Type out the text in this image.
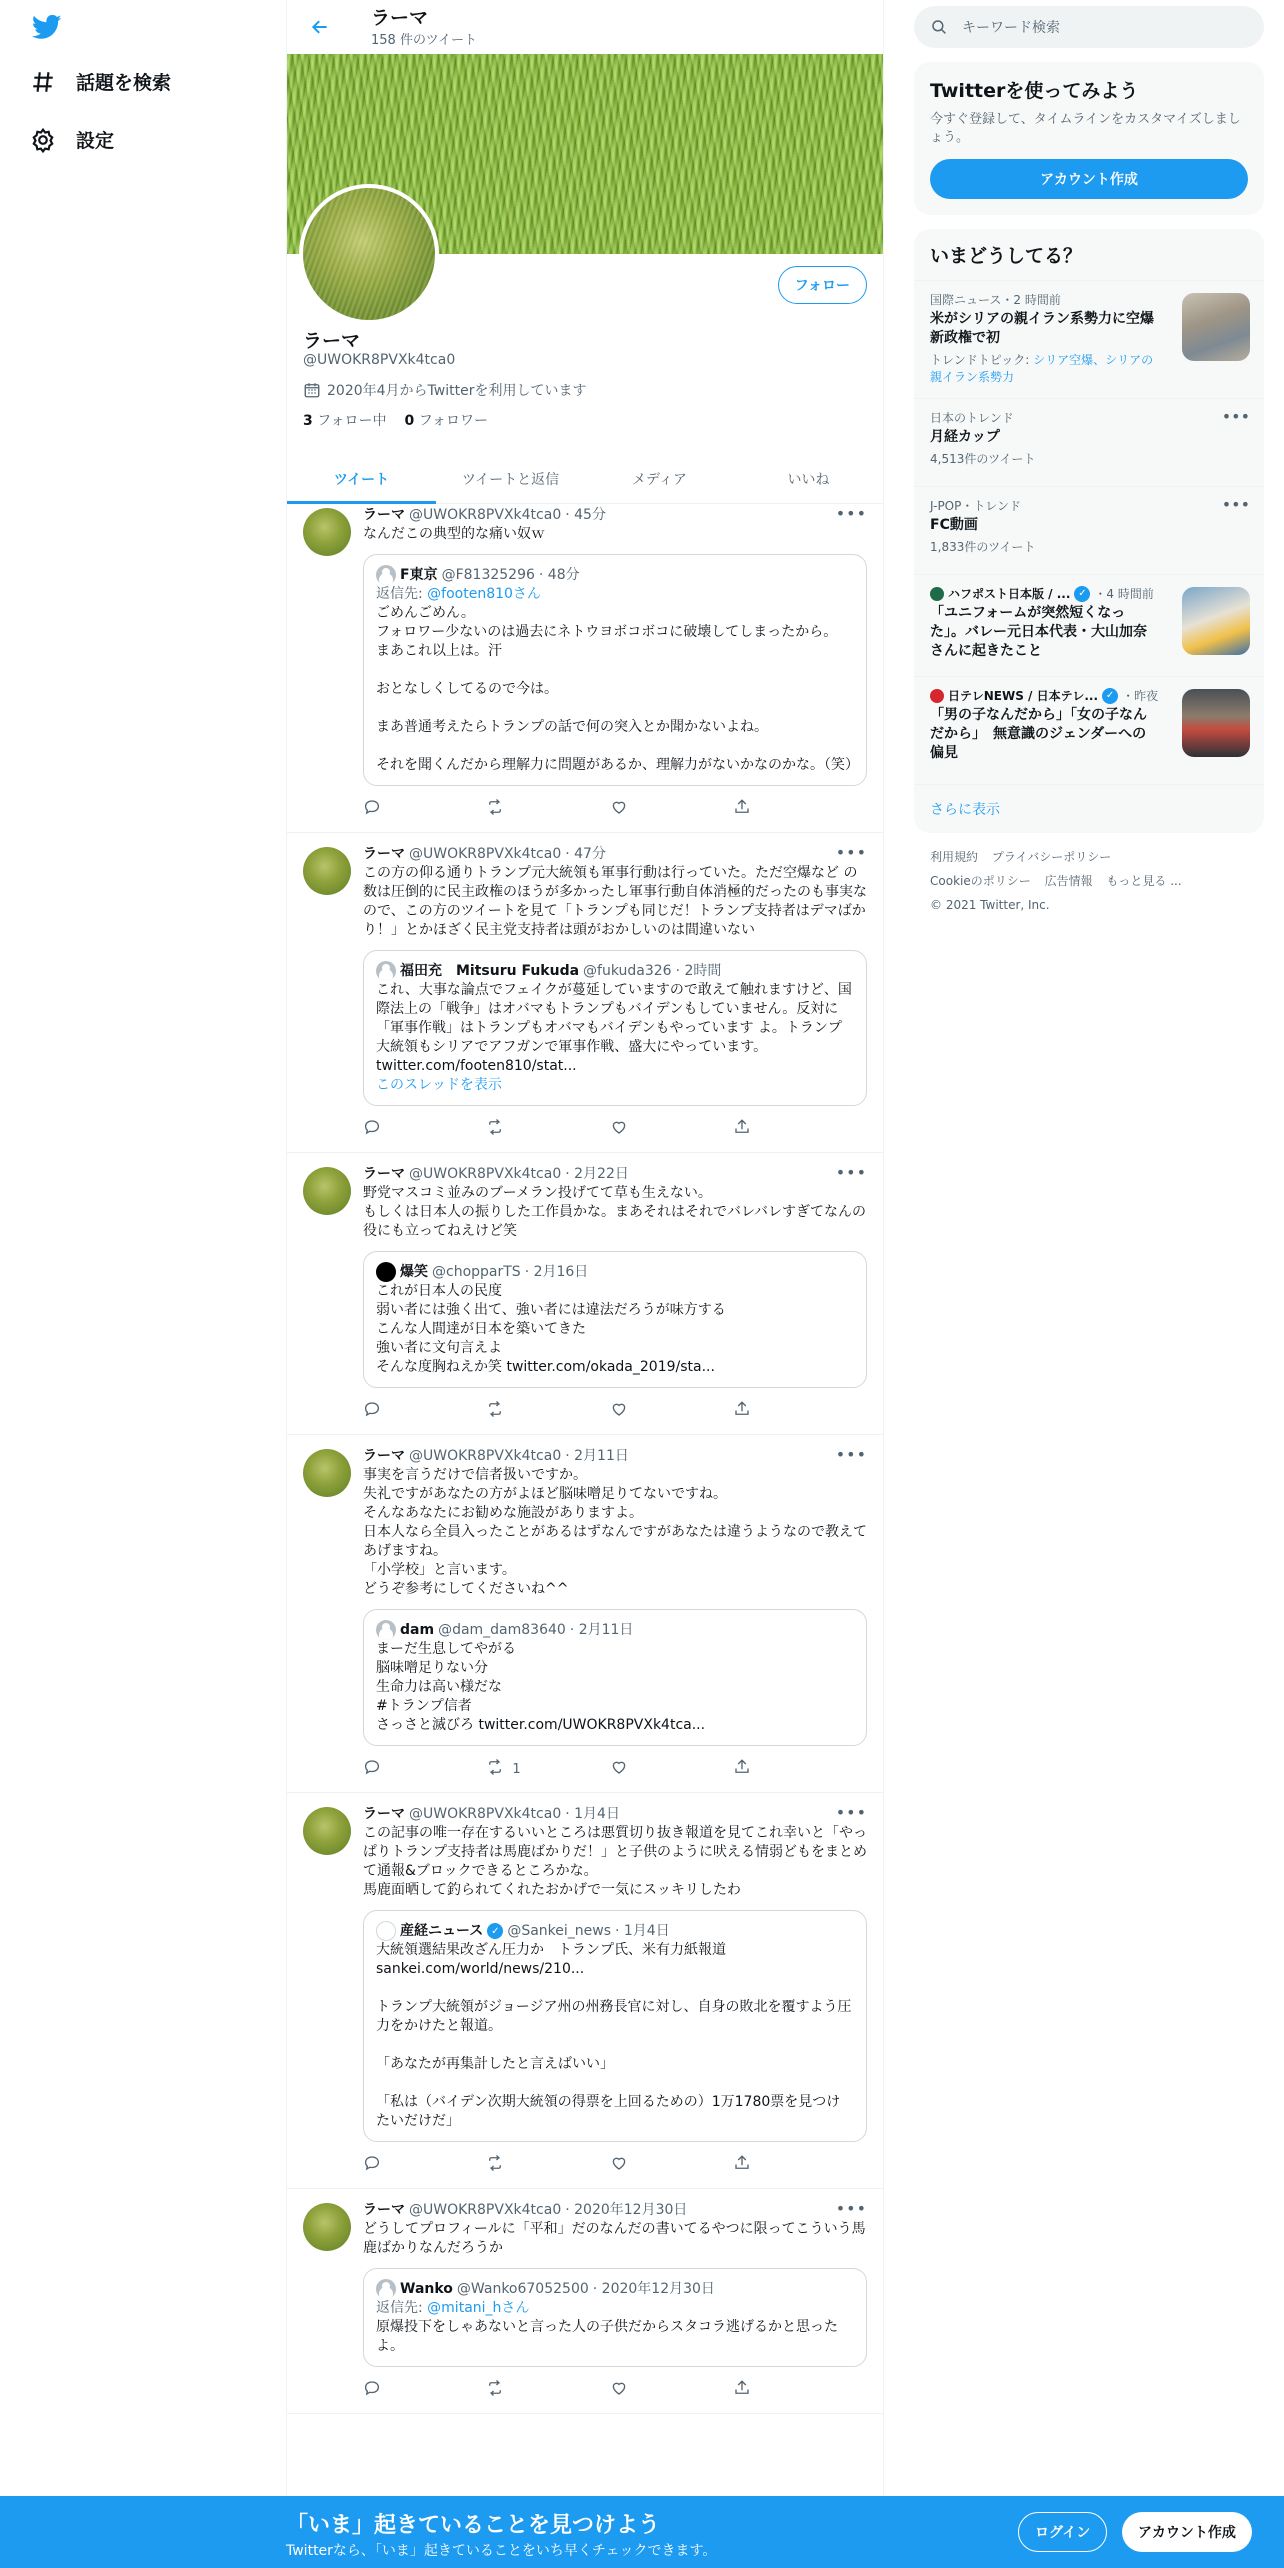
話題を検索
設定
ラーマ
158 件のツイート
フォロー
ラーマ
@UWOKR8PVXk4tca0
2020年4月からTwitterを利用しています
3 フォロー中 0 フォロワー
ツイート	ツイートと返信	メディア	いいね
•••
ラーマ @UWOKR8PVXk4tca0 · 45分
なんだこの典型的な痛い奴ｗ
F東京 @F81325296 · 48分
返信先: @footen810さん
ごめんごめん。
フォロワー少ないのは過去にネトウヨボコボコに破壊してしまったから。
まあこれ以上は。汗

おとなしくしてるので今は。

まあ普通考えたらトランプの話で何の突入とか聞かないよね。

それを聞くんだから理解力に問題があるか、理解力がないかなのかな。（笑）
•••
ラーマ @UWOKR8PVXk4tca0 · 47分
この方の仰る通りトランプ元大統領も軍事行動は行っていた。ただ空爆など の数は圧倒的に民主政権のほうが多かったし軍事行動自体消極的だったのも事実なので、この方のツイートを見て「トランプも同じだ！トランプ支持者はデマばかり！」とかほざく民主党支持者は頭がおかしいのは間違いない
福田充　Mitsuru Fukuda @fukuda326 · 2時間
これ、大事な論点でフェイクが蔓延していますので敢えて触れますけど、国際法上の「戦争」はオバマもトランプもバイデンもしていません。反対に「軍事作戦」はトランプもオバマもバイデンもやっています よ。トランプ大統領もシリアでアフガンで軍事作戦、盛大にやっています。 twitter.com/footen810/stat...
このスレッドを表示
•••
ラーマ @UWOKR8PVXk4tca0 · 2月22日
野党マスコミ並みのブーメラン投げてて草も生えない。
もしくは日本人の振りした工作員かな。まあそれはそれでバレバレすぎてなんの役にも立ってねえけど笑
爆笑 @chopparTS · 2月16日
これが日本人の民度
弱い者には強く出て、強い者には違法だろうが味方する
こんな人間達が日本を築いてきた
強い者に文句言えよ
そんな度胸ねえか笑 twitter.com/okada_2019/sta...
•••
ラーマ @UWOKR8PVXk4tca0 · 2月11日
事実を言うだけで信者扱いですか。
失礼ですがあなたの方がよほど脳味噌足りてないですね。
そんなあなたにお勧めな施設がありますよ。
日本人なら全員入ったことがあるはずなんですがあなたは違うようなので教えてあげますね。
「小学校」と言います。
どうぞ参考にしてくださいね^^
dam @dam_dam83640 · 2月11日
まーだ生息してやがる
脳味噌足りない分
生命力は高い様だな
#トランプ信者
さっさと滅びろ twitter.com/UWOKR8PVXk4tca...
1
•••
ラーマ @UWOKR8PVXk4tca0 · 1月4日
この記事の唯一存在するいいところは悪質切り抜き報道を見てこれ幸いと「やっぱりトランプ支持者は馬鹿ばかりだ！」と子供のように吠える情弱どもをまとめて通報&ブロックできるところかな。
馬鹿面晒して釣られてくれたおかげで一気にスッキリしたわ
産経ニュース ✓ @Sankei_news · 1月4日
大統領選結果改ざん圧力か　トランプ氏、米有力紙報道
sankei.com/world/news/210...

トランプ大統領がジョージア州の州務長官に対し、自身の敗北を覆すよう圧力をかけたと報道。

「あなたが再集計したと言えばいい」

「私は（バイデン次期大統領の得票を上回るための）1万1780票を見つけたいだけだ」
•••
ラーマ @UWOKR8PVXk4tca0 · 2020年12月30日
どうしてプロフィールに「平和」だのなんだの書いてるやつに限ってこういう馬鹿ばかりなんだろうか
Wanko @Wanko67052500 · 2020年12月30日
返信先: @mitani_hさん
原爆投下をしゃあないと言った人の子供だからスタコラ逃げるかと思ったよ。
キーワード検索
Twitterを使ってみよう

今すぐ登録して、タイムラインをカスタマイズしましょう。

アカウント作成
いまどうしてる？
国際ニュース・2 時間前
米がシリアの親イラン系勢力に空爆 新政権で初
トレンドトピック: シリア空爆、シリアの親イラン系勢力
日本のトレンド
月経カップ
4,513件のツイート
•••
J-POP・トレンド
FC動画
1,833件のツイート
•••
ハフポスト日本版 / ... ✓ ・4 時間前
「ユニフォームが突然短くなった」。バレー元日本代表・大山加奈さんに起きたこと
日テレNEWS / 日本テレ... ✓ ・昨夜
「男の子なんだから」「女の子なんだから」　無意識のジェンダーへの偏見
さらに表示
利用規約 プライバシーポリシー
Cookieのポリシー 広告情報 もっと見る ...
© 2021 Twitter, Inc.
「いま」起きていることを見つけよう
Twitterなら、「いま」起きていることをいち早くチェックできます。
ログイン	アカウント作成
